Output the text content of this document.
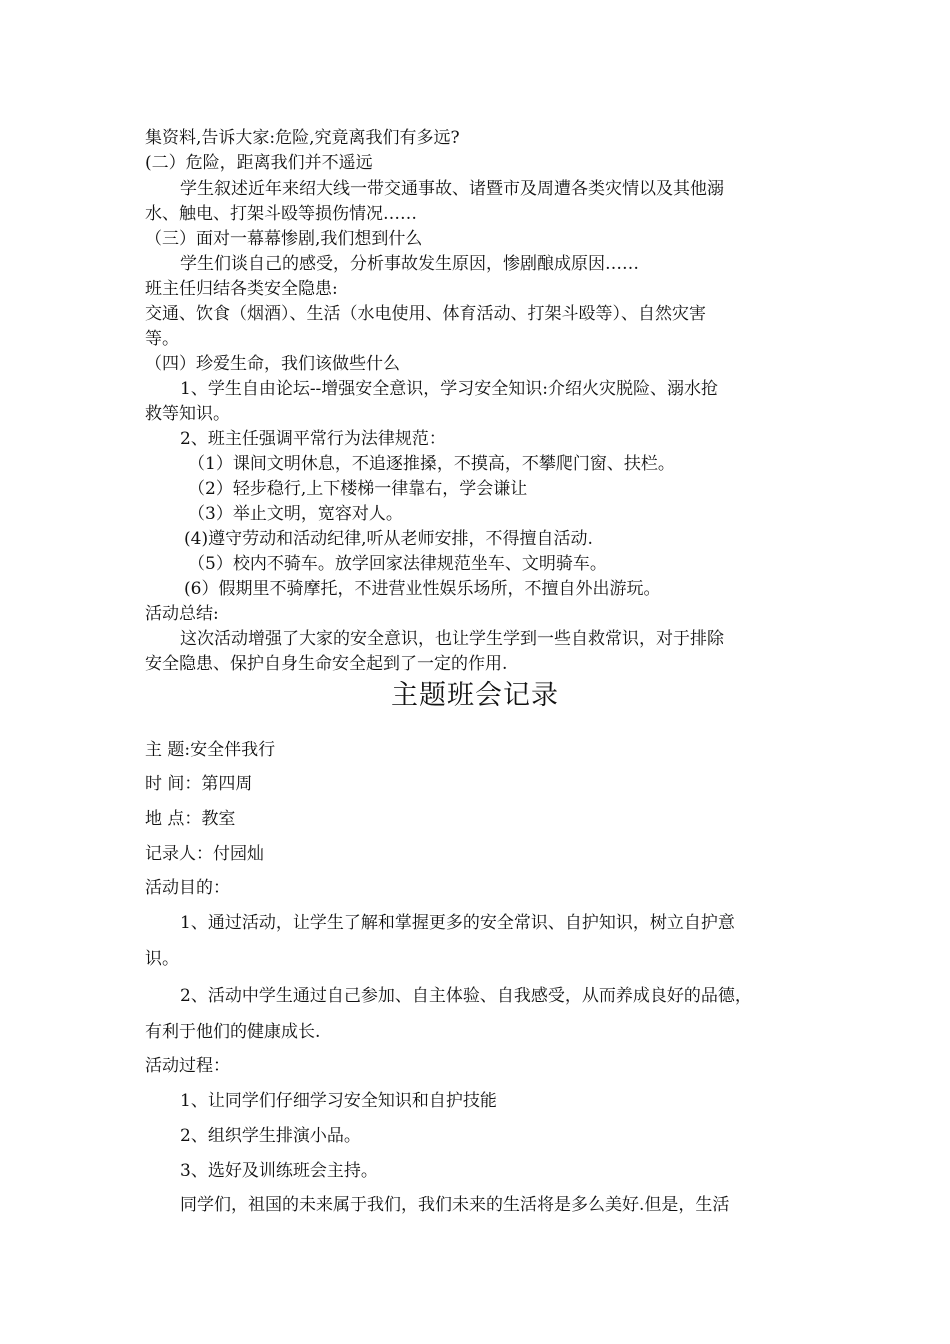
集资料,告诉大家:危险,究竟离我们有多远?
(二）危险，距离我们并不遥远
学生叙述近年来绍大线一带交通事故、诸暨市及周遭各类灾情以及其他溺
水、触电、打架斗殴等损伤情况……
（三）面对一幕幕惨剧,我们想到什么
学生们谈自己的感受，分析事故发生原因，惨剧酿成原因……
班主任归结各类安全隐患:
交通、饮食（烟酒）、生活（水电使用、体育活动、打架斗殴等）、自然灾害
等。
（四）珍爱生命，我们该做些什么
1、学生自由论坛--增强安全意识，学习安全知识:介绍火灾脱险、溺水抢
救等知识。
2、班主任强调平常行为法律规范：
（1）课间文明休息，不追逐推搡，不摸高，不攀爬门窗、扶栏。
（2）轻步稳行,上下楼梯一律靠右，学会谦让
（3）举止文明，宽容对人。
(4)遵守劳动和活动纪律,听从老师安排，不得擅自活动.
（5）校内不骑车。放学回家法律规范坐车、文明骑车。
(6）假期里不骑摩托，不进营业性娱乐场所，不擅自外出游玩。
活动总结:
这次活动增强了大家的安全意识，也让学生学到一些自救常识，对于排除
安全隐患、保护自身生命安全起到了一定的作用.
主题班会记录
主 题:安全伴我行
时 间：第四周
地 点：教室
记录人：付园灿
活动目的：
1、通过活动，让学生了解和掌握更多的安全常识、自护知识，树立自护意
识。
2、活动中学生通过自己参加、自主体验、自我感受，从而养成良好的品德，
有利于他们的健康成长.
活动过程：
1、让同学们仔细学习安全知识和自护技能
2、组织学生排演小品。
3、选好及训练班会主持。
同学们，祖国的未来属于我们，我们未来的生活将是多么美好.但是，生活
